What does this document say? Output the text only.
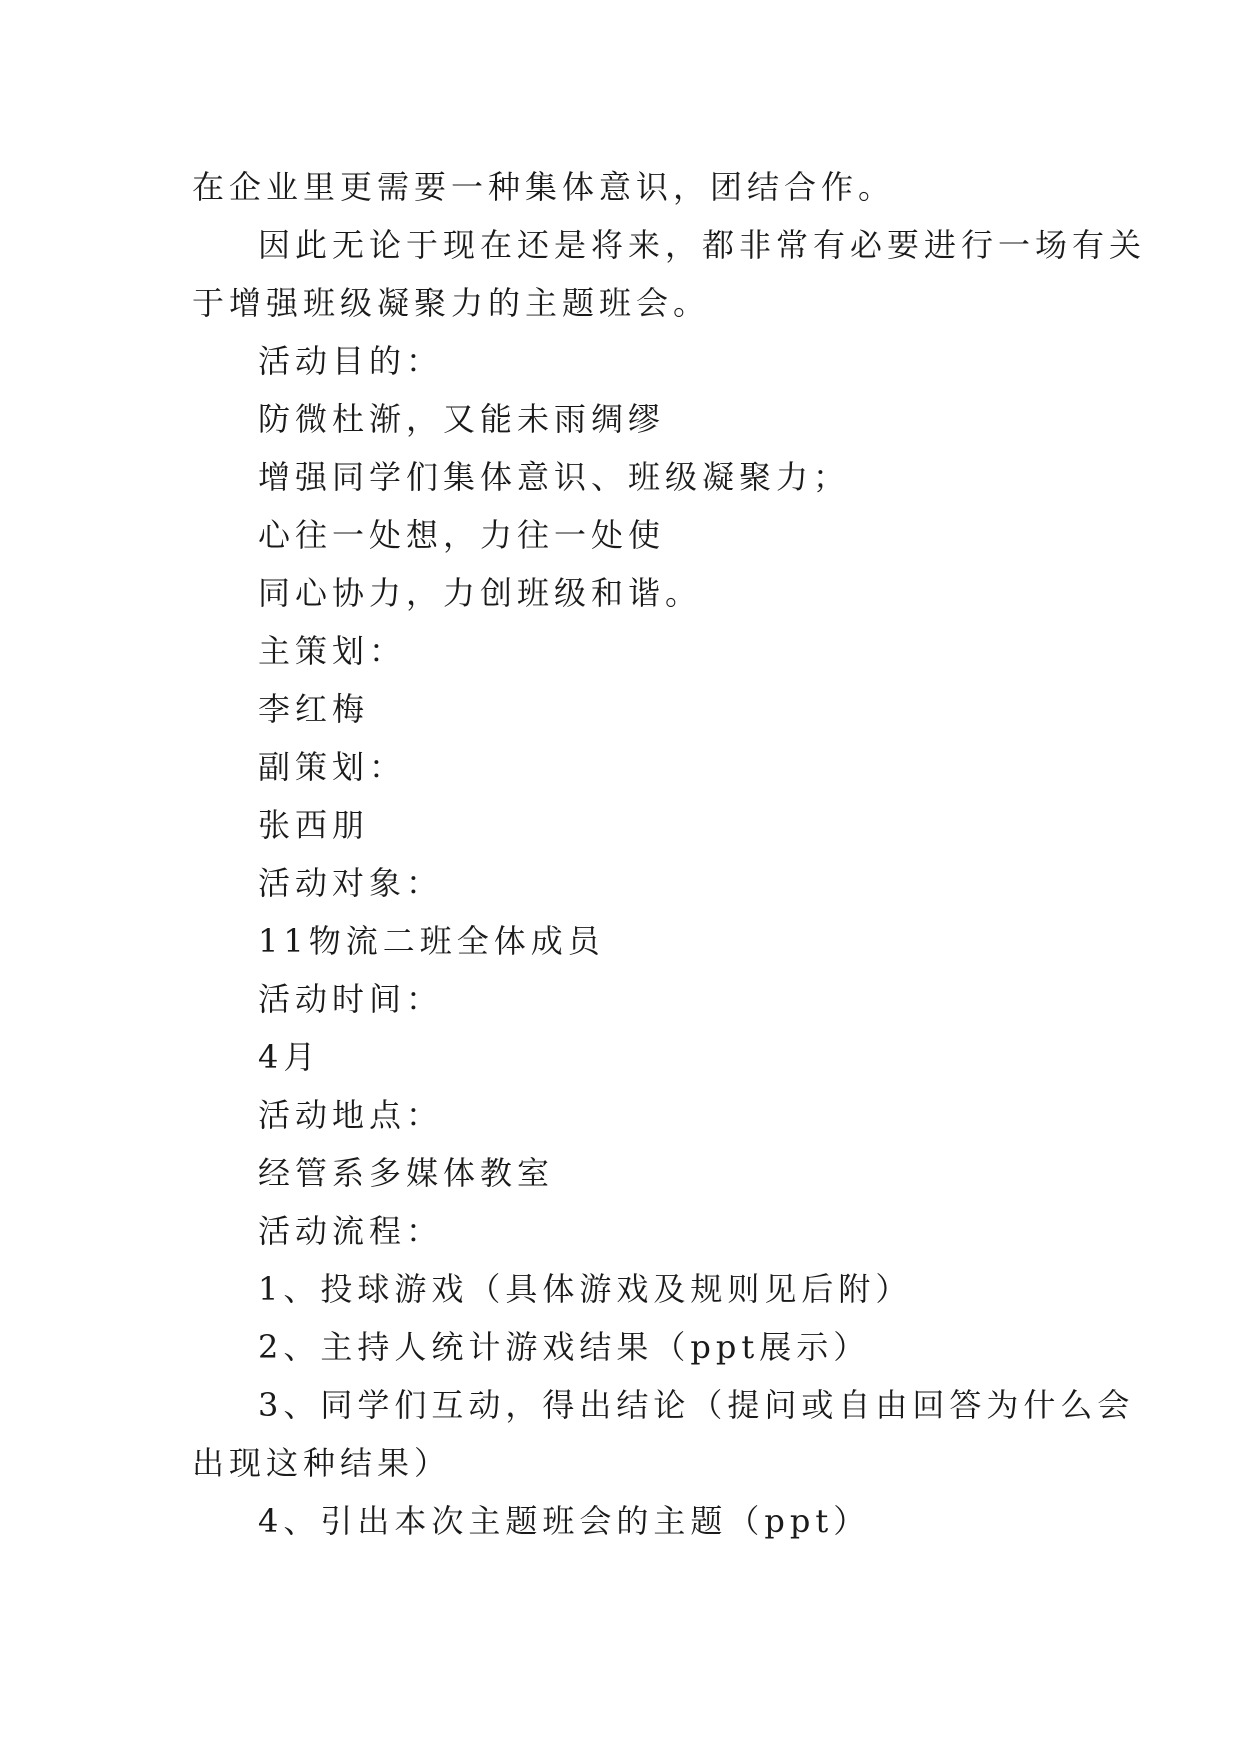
在企业里更需要一种集体意识，团结合作。
因此无论于现在还是将来，都非常有必要进行一场有关
于增强班级凝聚力的主题班会。
活动目的：
防微杜渐，又能未雨绸缪
增强同学们集体意识、班级凝聚力；
心往一处想，力往一处使
同心协力，力创班级和谐。
主策划：
李红梅
副策划：
张西朋
活动对象：
11物流二班全体成员
活动时间：
4月
活动地点：
经管系多媒体教室
活动流程：
1、投球游戏（具体游戏及规则见后附）
2、主持人统计游戏结果（ppt展示）
3、同学们互动，得出结论（提问或自由回答为什么会
出现这种结果）
4、引出本次主题班会的主题（ppt）
